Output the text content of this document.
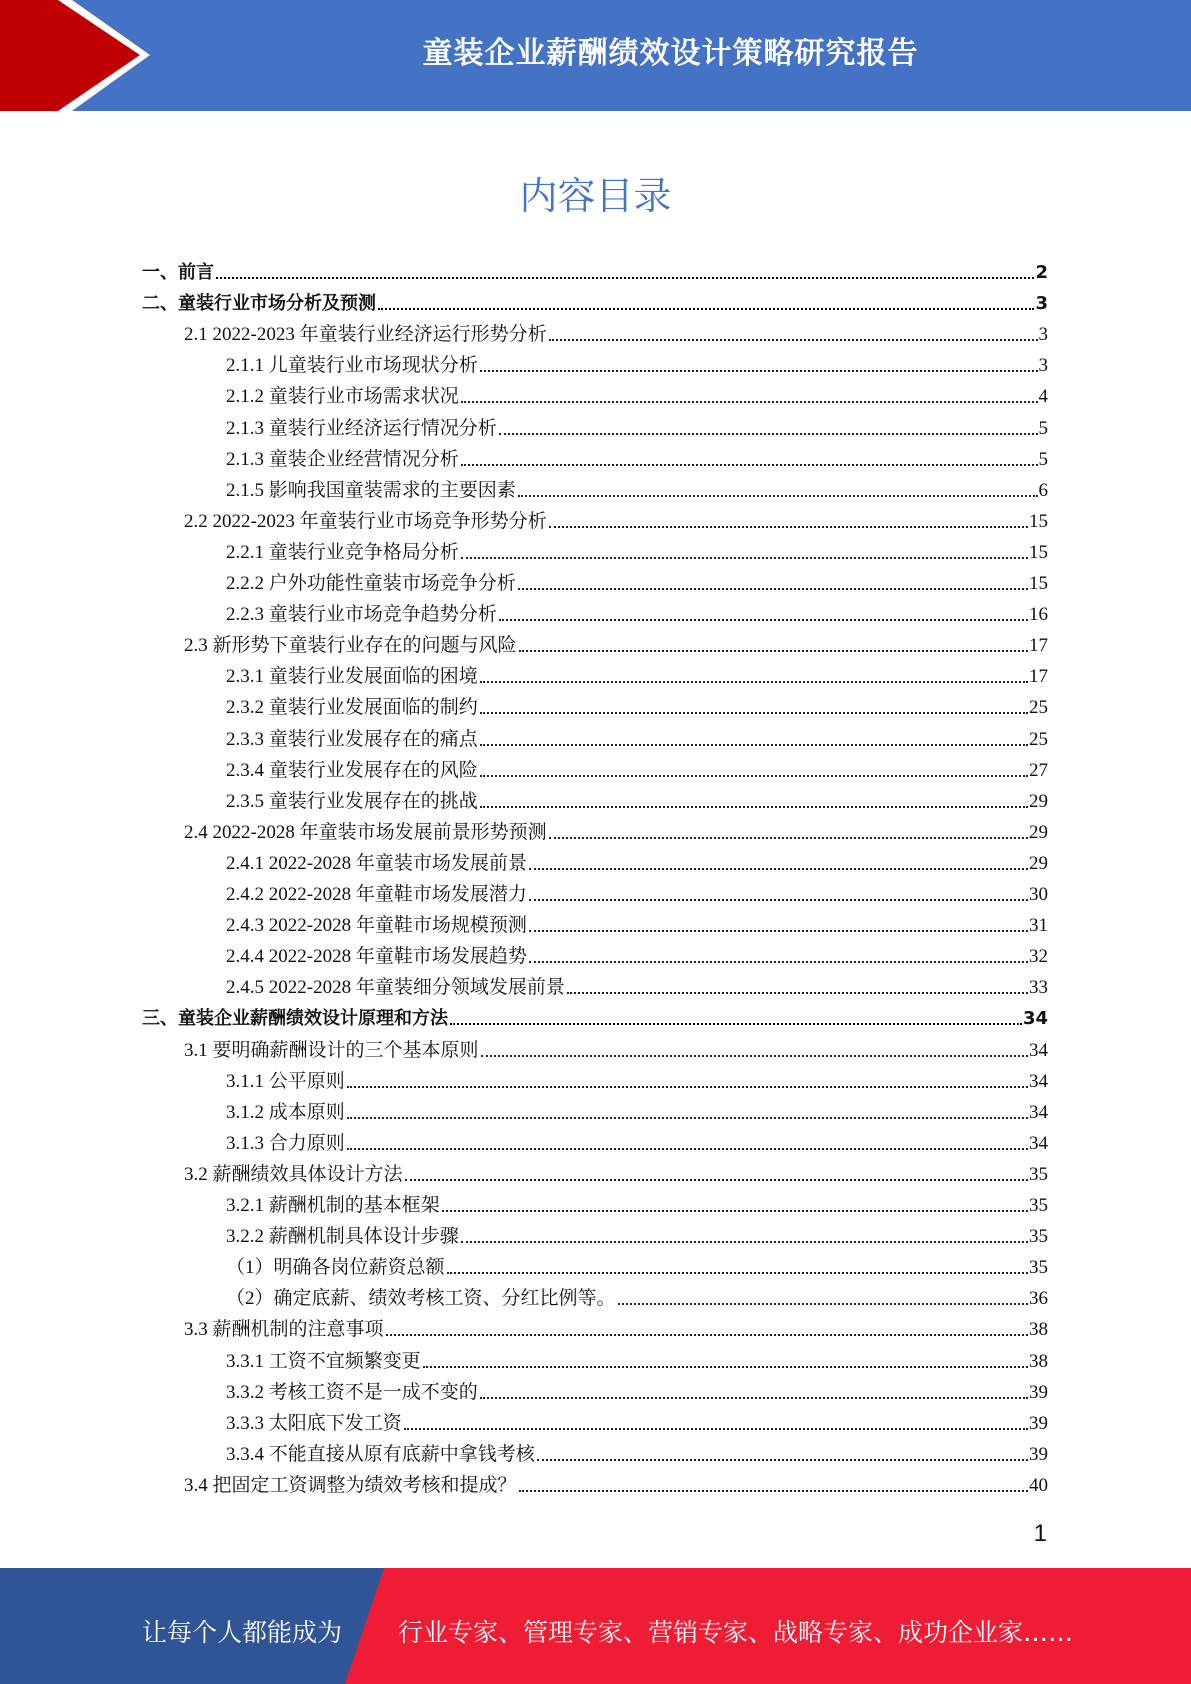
童装企业薪酬绩效设计策略研究报告
内容目录
一、前言	2
二、童装行业市场分析及预测	3
2.1 2022-2023 年童装行业经济运行形势分析	3
2.1.1 儿童装行业市场现状分析	3
2.1.2 童装行业市场需求状况	4
2.1.3 童装行业经济运行情况分析	5
2.1.3 童装企业经营情况分析	5
2.1.5 影响我国童装需求的主要因素	6
2.2 2022-2023 年童装行业市场竞争形势分析	15
2.2.1 童装行业竞争格局分析	15
2.2.2 户外功能性童装市场竞争分析	15
2.2.3 童装行业市场竞争趋势分析	16
2.3 新形势下童装行业存在的问题与风险	17
2.3.1 童装行业发展面临的困境	17
2.3.2 童装行业发展面临的制约	25
2.3.3 童装行业发展存在的痛点	25
2.3.4 童装行业发展存在的风险	27
2.3.5 童装行业发展存在的挑战	29
2.4 2022-2028 年童装市场发展前景形势预测	29
2.4.1 2022-2028 年童装市场发展前景	29
2.4.2 2022-2028 年童鞋市场发展潜力	30
2.4.3 2022-2028 年童鞋市场规模预测	31
2.4.4 2022-2028 年童鞋市场发展趋势	32
2.4.5 2022-2028 年童装细分领域发展前景	33
三、童装企业薪酬绩效设计原理和方法	34
3.1 要明确薪酬设计的三个基本原则	34
3.1.1 公平原则	34
3.1.2 成本原则	34
3.1.3 合力原则	34
3.2 薪酬绩效具体设计方法	35
3.2.1 薪酬机制的基本框架	35
3.2.2 薪酬机制具体设计步骤	35
（1）明确各岗位薪资总额	35
（2）确定底薪、绩效考核工资、分红比例等。	36
3.3 薪酬机制的注意事项	38
3.3.1 工资不宜频繁变更	38
3.3.2 考核工资不是一成不变的	39
3.3.3 太阳底下发工资	39
3.3.4 不能直接从原有底薪中拿钱考核	39
3.4 把固定工资调整为绩效考核和提成？	40
1
让每个人都能成为 行业专家、管理专家、营销专家、战略专家、成功企业家……
